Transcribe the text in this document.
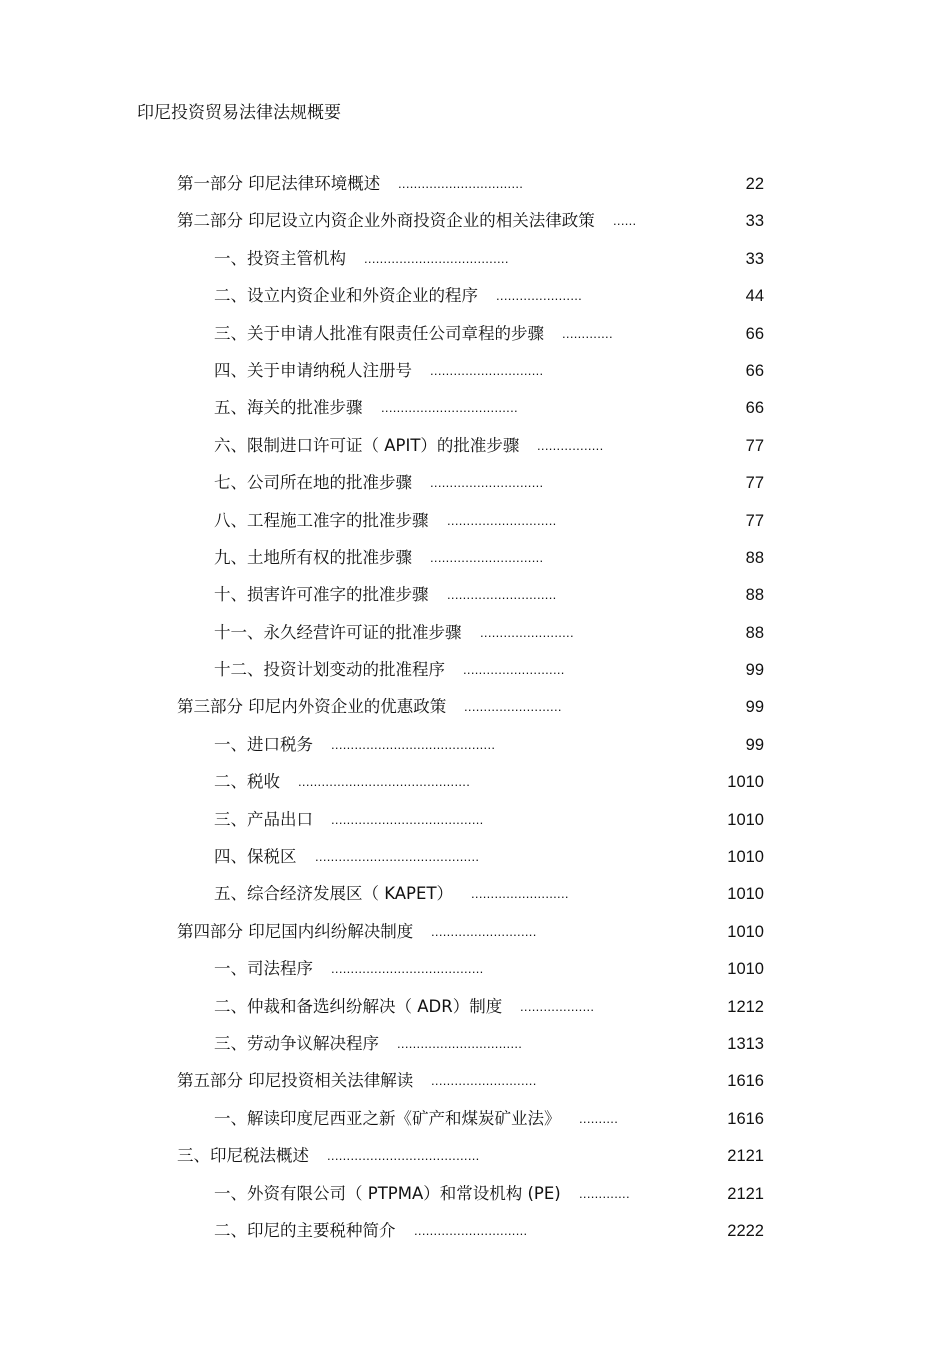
印尼投资贸易法律法规概要
第一部分 印尼法律环境概述 ................................	22
第二部分 印尼设立内资企业外商投资企业的相关法律政策 ......	33
一、投资主管机构 .....................................	33
二、设立内资企业和外资企业的程序 ......................	44
三、关于申请人批准有限责任公司章程的步骤 .............	66
四、关于申请纳税人注册号 .............................	66
五、海关的批准步骤 ...................................	66
六、限制进口许可证（ APIT）的批准步骤 .................	77
七、公司所在地的批准步骤 .............................	77
八、工程施工准字的批准步骤 ............................	77
九、土地所有权的批准步骤 .............................	88
十、损害许可准字的批准步骤 ............................	88
十一、永久经营许可证的批准步骤 ........................	88
十二、投资计划变动的批准程序 ..........................	99
第三部分 印尼内外资企业的优惠政策 .........................	99
一、进口税务 ..........................................	99
二、税收 ............................................	1010
三、产品出口 .......................................	1010
四、保税区 ..........................................	1010
五、综合经济发展区（ KAPET） .........................	1010
第四部分 印尼国内纠纷解决制度 ...........................	1010
一、司法程序 .......................................	1010
二、仲裁和备选纠纷解决（ ADR）制度 ...................	1212
三、劳动争议解决程序 ................................	1313
第五部分 印尼投资相关法律解读 ...........................	1616
一、解读印度尼西亚之新《矿产和煤炭矿业法》 ..........	1616
三、印尼税法概述 .......................................	2121
一、外资有限公司（ PTPMA）和常设机构 (PE) .............	2121
二、印尼的主要税种简介 .............................	2222
